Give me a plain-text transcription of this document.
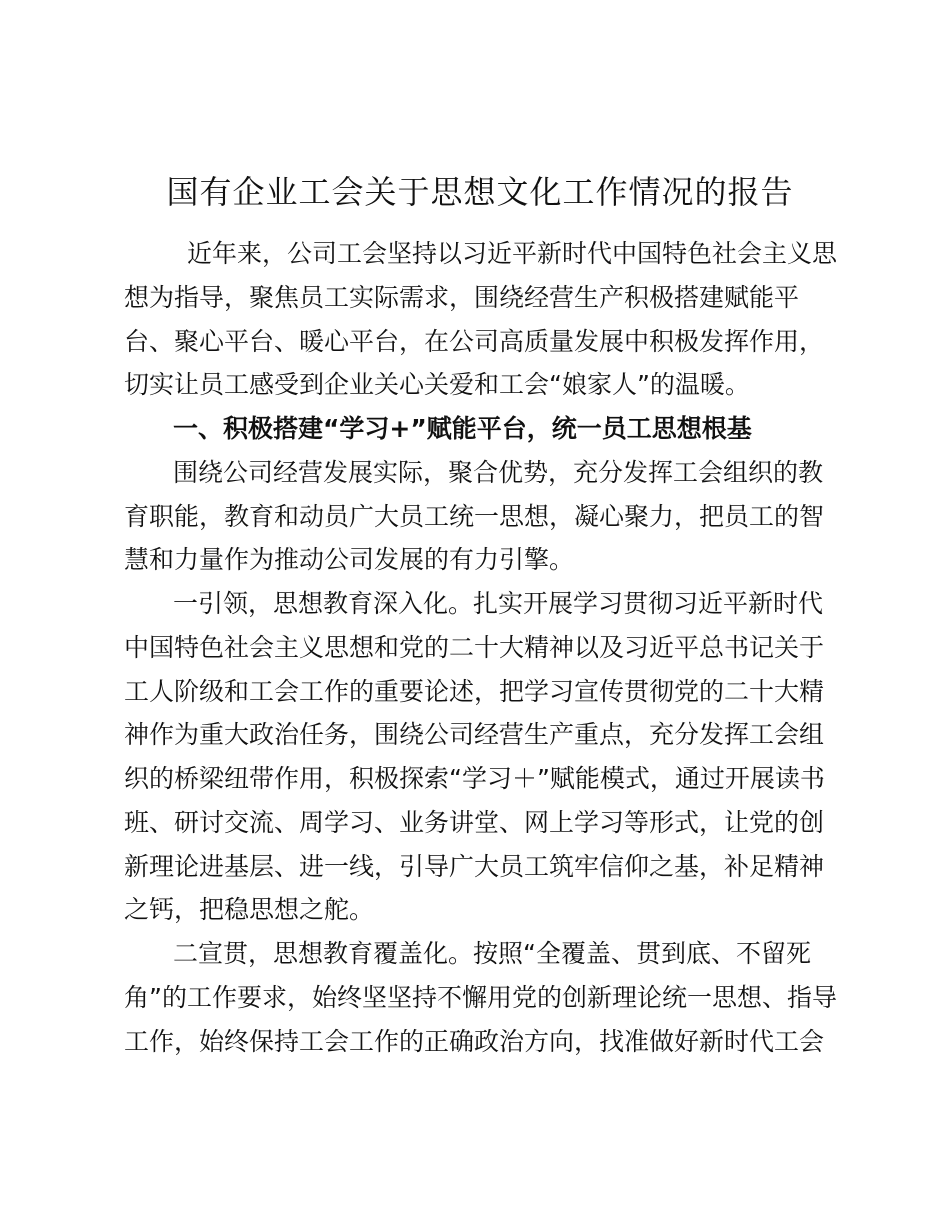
国有企业工会关于思想文化工作情况的报告
近年来，公司工会坚持以习近平新时代中国特色社会主义思
想为指导，聚焦员工实际需求，围绕经营生产积极搭建赋能平
台、聚心平台、暖心平台，在公司高质量发展中积极发挥作用，
切实让员工感受到企业关心关爱和工会“娘家人”的温暖。
一、积极搭建“学习+”赋能平台，统一员工思想根基
围绕公司经营发展实际，聚合优势，充分发挥工会组织的教
育职能，教育和动员广大员工统一思想，凝心聚力，把员工的智
慧和力量作为推动公司发展的有力引擎。
一引领，思想教育深入化。扎实开展学习贯彻习近平新时代
中国特色社会主义思想和党的二十大精神以及习近平总书记关于
工人阶级和工会工作的重要论述，把学习宣传贯彻党的二十大精
神作为重大政治任务，围绕公司经营生产重点，充分发挥工会组
织的桥梁纽带作用，积极探索“学习＋”赋能模式，通过开展读书
班、研讨交流、周学习、业务讲堂、网上学习等形式，让党的创
新理论进基层、进一线，引导广大员工筑牢信仰之基，补足精神
之钙，把稳思想之舵。
二宣贯，思想教育覆盖化。按照“全覆盖、贯到底、不留死
角”的工作要求，始终坚坚持不懈用党的创新理论统一思想、指导
工作，始终保持工会工作的正确政治方向，找准做好新时代工会
